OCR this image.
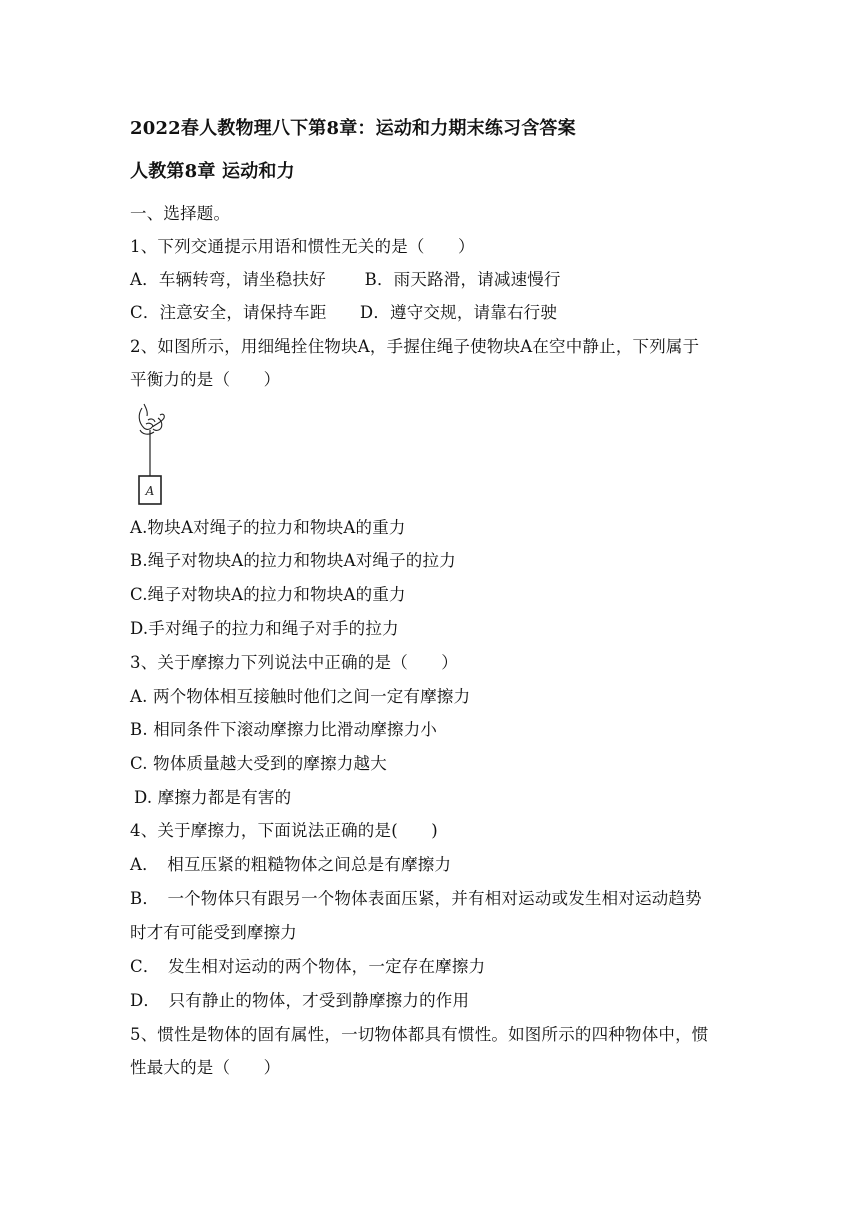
2022春人教物理八下第8章：运动和力期末练习含答案
人教第8章 运动和力
一、选择题。
1、下列交通提示用语和惯性无关的是（　　）
A．车辆转弯，请坐稳扶好　　 B．雨天路滑，请减速慢行
C．注意安全，请保持车距　　D．遵守交规，请靠右行驶
2、如图所示，用细绳拴住物块A，手握住绳子使物块A在空中静止，下列属于
平衡力的是（　　）
A
A.物块A对绳子的拉力和物块A的重力
B.绳子对物块A的拉力和物块A对绳子的拉力
C.绳子对物块A的拉力和物块A的重力
D.手对绳子的拉力和绳子对手的拉力
3、关于摩擦力下列说法中正确的是（　　）
A. 两个物体相互接触时他们之间一定有摩擦力
B. 相同条件下滚动摩擦力比滑动摩擦力小
C. 物体质量越大受到的摩擦力越大
D. 摩擦力都是有害的
4、关于摩擦力，下面说法正确的是(　　)
A．　相互压紧的粗糙物体之间总是有摩擦力
B．　一个物体只有跟另一个物体表面压紧，并有相对运动或发生相对运动趋势
时才有可能受到摩擦力
C．　发生相对运动的两个物体，一定存在摩擦力
D．　只有静止的物体，才受到静摩擦力的作用
5、惯性是物体的固有属性，一切物体都具有惯性。如图所示的四种物体中，惯
性最大的是（　　）
